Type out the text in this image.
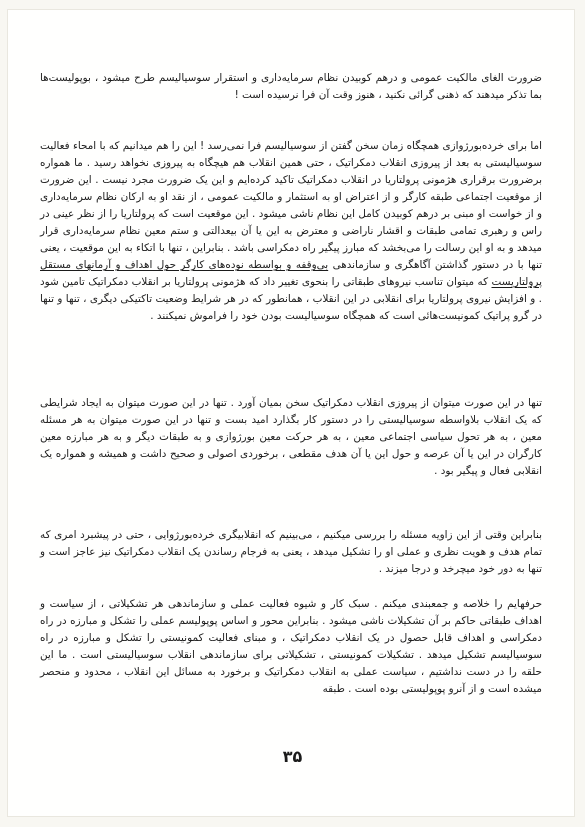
ضرورت الغای مالکیت عمومی و درهم کوبیدن نظام سرمایه‌داری و استقرار سوسیالیسم طرح میشود ، بوپولیست‌ها بما تذکر میدهند که ذهنی گرائی نکنید ، هنوز وقت آن فرا نرسیده است !

اما برای خرده‌بورژوازی همچگاه زمان سخن گفتن از سوسیالیسم فرا نمی‌رسد ! این را هم میدانیم که با امحاء فعالیت سوسیالیستی به بعد از پیروزی انقلاب دمکراتیک ، حتی همین انقلاب هم هیچگاه به پیروزی نخواهد رسید . ما همواره برضرورت برقراری هژمونی پرولتاریا در انقلاب دمکراتیک تاکید کرده‌ایم و این یک ضرورت مجرد نیست . این ضرورت از موقعیت اجتماعی طبقه کارگر و از اعتراض او به استثمار و مالکیت عمومی ، از نقد او به ارکان نظام سرمایه‌داری و از خواست او مبنی بر درهم کوبیدن کامل این نظام ناشی میشود . این موقعیت است که پرولتاریا را از نظر عینی در راس و رهبری تمامی طبقات و اقشار ناراضی و معترض به این یا آن بیعدالتی و ستم معین نظام سرمایه‌داری قرار میدهد و به او این رسالت را می‌بخشد که مبارز پیگیر راه دمکراسی باشد . بنابراین ، تنها با اتکاء به این موقعیت ، یعنی تنها با در دستور گذاشتن آگاهگری و سازماندهی بی‌وقفه و بواسطه نوده‌های کارگر حول اهداف و آرمانهای مستقل پرولتاریست که میتوان تناسب نیروهای طبقاتی را بنحوی تغییر داد که هژمونی پرولتاریا بر انقلاب دمکراتیک تامین شود . و افزایش نیروی پرولتاریا برای انقلابی در این انقلاب ، همانطور که در هر شرایط وضعیت تاکتیکی دیگری ، تنها و تنها در گرو پراتیک کمونیست‌هائی است که همچگاه سوسیالیست بودن خود را فراموش نمیکنند .

تنها در این صورت میتوان از پیروزی انقلاب دمکراتیک سخن بمیان آورد . تنها در این صورت میتوان به ایجاد شرایطی که یک انقلاب بلاواسطه سوسیالیستی را در دستور کار بگذارد امید بست و تنها در این صورت میتوان به هر مسئله معین ، به هر تحول سیاسی اجتماعی معین ، به هر حرکت معین بورژوازی و به طبقات دیگر و به هر مبارزه معین کارگران در این یا آن عرصه و حول این یا آن هدف مقطعی ، برخوردی اصولی و صحیح داشت و همیشه و همواره یک انقلابی فعال و پیگیر بود .

بنابراین وقتی از این زاویه مسئله را بررسی میکنیم ، می‌بینیم که انقلابیگری خرده‌بورژوایی ، حتی در پیشبرد امری که تمام هدف و هویت نظری و عملی او را تشکیل میدهد ، یعنی به فرجام رساندن یک انقلاب دمکراتیک نیز عاجز است و تنها به دور خود میچرخد و درجا میزند .

حرفهایم را خلاصه و جمعبندی میکنم . سبک کار و شیوه فعالیت عملی و سازماندهی هر تشکیلاتی ، از سیاست و اهداف طبقاتی حاکم بر آن تشکیلات ناشی میشود . بنابراین محور و اساس پوپولیسم عملی را تشکل و مبارزه در راه دمکراسی و اهداف قابل حصول در یک انقلاب دمکراتیک ، و مبنای فعالیت کمونیستی را تشکل و مبارزه در راه سوسیالیسم تشکیل میدهد . تشکیلات کمونیستی ، تشکیلاتی برای سازماندهی انقلاب سوسیالیستی است . ما این حلقه را در دست نداشتیم ، سیاست عملی به انقلاب دمکراتیک و برخورد به مسائل این انقلاب ، محدود و منحصر میشده است و از آنرو پوپولیستی بوده است . طبقه

۳۵
